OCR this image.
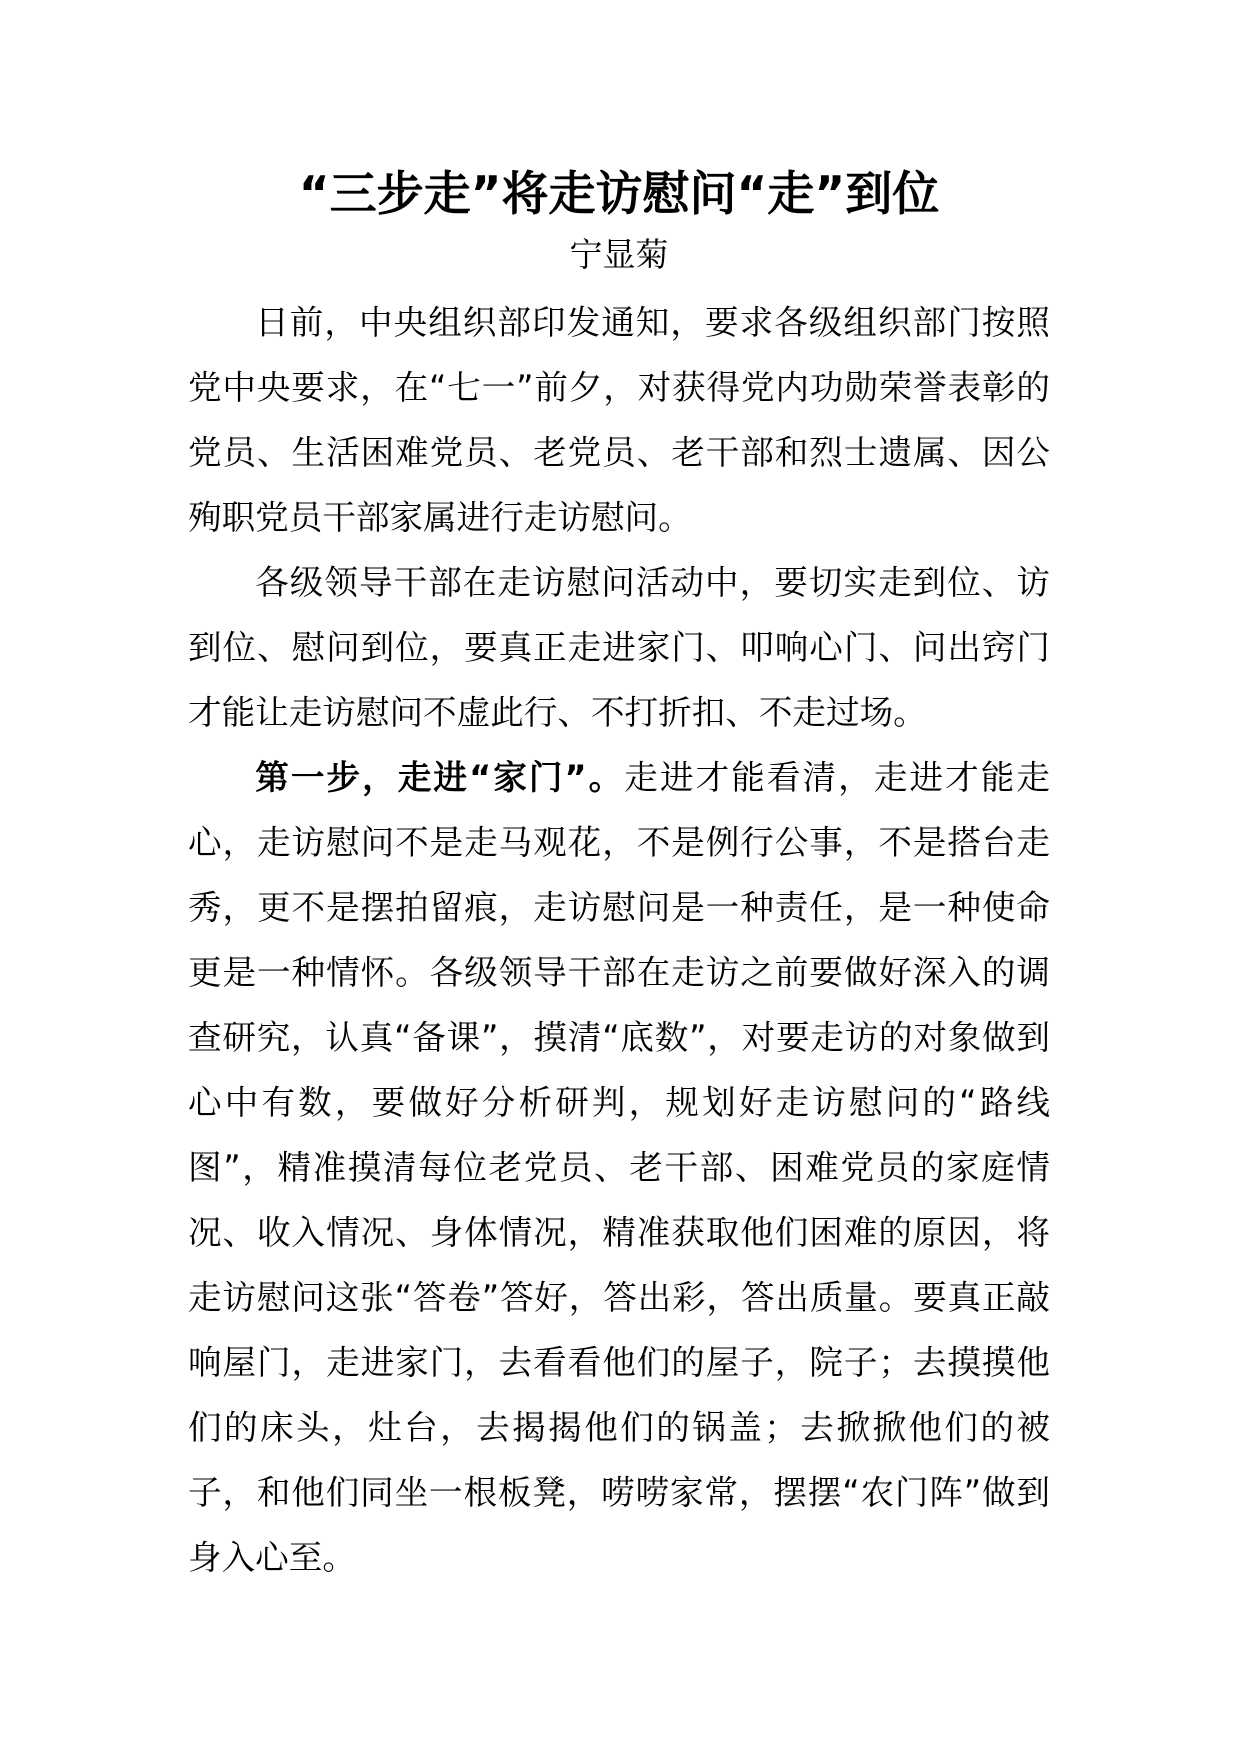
“三步走”将走访慰问“走”到位

宁显菊

日前，中央组织部印发通知，要求各级组织部门按照党中央要求，在“七一”前夕，对获得党内功勋荣誉表彰的党员、生活困难党员、老党员、老干部和烈士遗属、因公殉职党员干部家属进行走访慰问。

各级领导干部在走访慰问活动中，要切实走到位、访到位、慰问到位，要真正走进家门、叩响心门、问出窍门才能让走访慰问不虚此行、不打折扣、不走过场。

第一步，走进“家门”。走进才能看清，走进才能走心，走访慰问不是走马观花，不是例行公事，不是搭台走秀，更不是摆拍留痕，走访慰问是一种责任，是一种使命更是一种情怀。各级领导干部在走访之前要做好深入的调查研究，认真“备课”，摸清“底数”，对要走访的对象做到心中有数，要做好分析研判，规划好走访慰问的“路线图”，精准摸清每位老党员、老干部、困难党员的家庭情况、收入情况、身体情况，精准获取他们困难的原因，将走访慰问这张“答卷”答好，答出彩，答出质量。要真正敲响屋门，走进家门，去看看他们的屋子，院子；去摸摸他们的床头，灶台，去揭揭他们的锅盖；去掀掀他们的被子，和他们同坐一根板凳，唠唠家常，摆摆“农门阵”做到身入心至。
